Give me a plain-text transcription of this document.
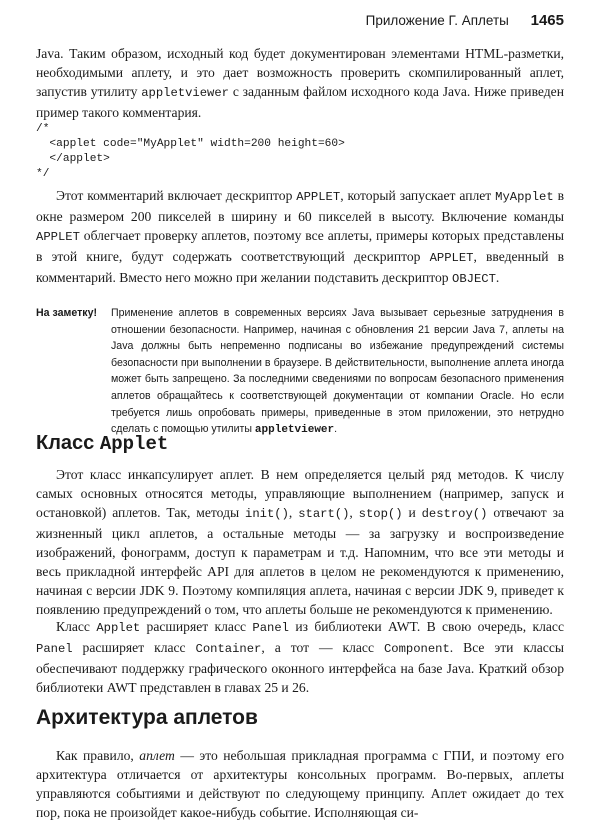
Приложение Г. Аплеты 1465

Java. Таким образом, исходный код будет документирован элементами HTML-разметки, необходимыми аплету, и это дает возможность проверить скомпилированный аплет, запустив утилиту appletviewer с заданным файлом исходного кода Java. Ниже приведен пример такого комментария.

/*
<applet code="MyApplet" width=200 height=60>
</applet>
*/

Этот комментарий включает дескриптор APPLET, который запускает аплет MyApplet в окне размером 200 пикселей в ширину и 60 пикселей в высоту. Включение команды APPLET облегчает проверку аплетов, поэтому все аплеты, примеры которых представлены в этой книге, будут содержать соответствующий дескриптор APPLET, введенный в комментарий. Вместо него можно при желании подставить дескриптор OBJECT.

На заметку! Применение аплетов в современных версиях Java вызывает серьезные затруднения в отношении безопасности. Например, начиная с обновления 21 версии Java 7, аплеты на Java должны быть непременно подписаны во избежание предупреждений системы безопасности при выполнении в браузере. В действительности, выполнение аплета иногда может быть запрещено. За последними сведениями по вопросам безопасного применения аплетов обращайтесь к соответствующей документации от компании Oracle. Но если требуется лишь опробовать примеры, приведенные в этом приложении, это нетрудно сделать с помощью утилиты appletviewer.
Класс Applet

Этот класс инкапсулирует аплет. В нем определяется целый ряд методов. К числу самых основных относятся методы, управляющие выполнением (например, запуск и остановкой) аплетов. Так, методы init(), start(), stop() и destroy() отвечают за жизненный цикл аплетов, а остальные методы — за загрузку и воспроизведение изображений, фонограмм, доступ к параметрам и т.д. Напомним, что все эти методы и весь прикладной интерфейс API для аплетов в целом не рекомендуются к применению, начиная с версии JDK 9. Поэтому компиляция аплета, начиная с версии JDK 9, приведет к появлению предупреждений о том, что аплеты больше не рекомендуются к применению.

Класс Applet расширяет класс Panel из библиотеки AWT. В свою очередь, класс Panel расширяет класс Container, а тот — класс Component. Все эти классы обеспечивают поддержку графического оконного интерфейса на базе Java. Краткий обзор библиотеки AWT представлен в главах 25 и 26.

Архитектура аплетов

Как правило, аплет — это небольшая прикладная программа с ГПИ, и поэтому его архитектура отличается от архитектуры консольных программ. Во-первых, аплеты управляются событиями и действуют по следующему принципу. Аплет ожидает до тех пор, пока не произойдет какое-нибудь событие. Исполняющая си-
